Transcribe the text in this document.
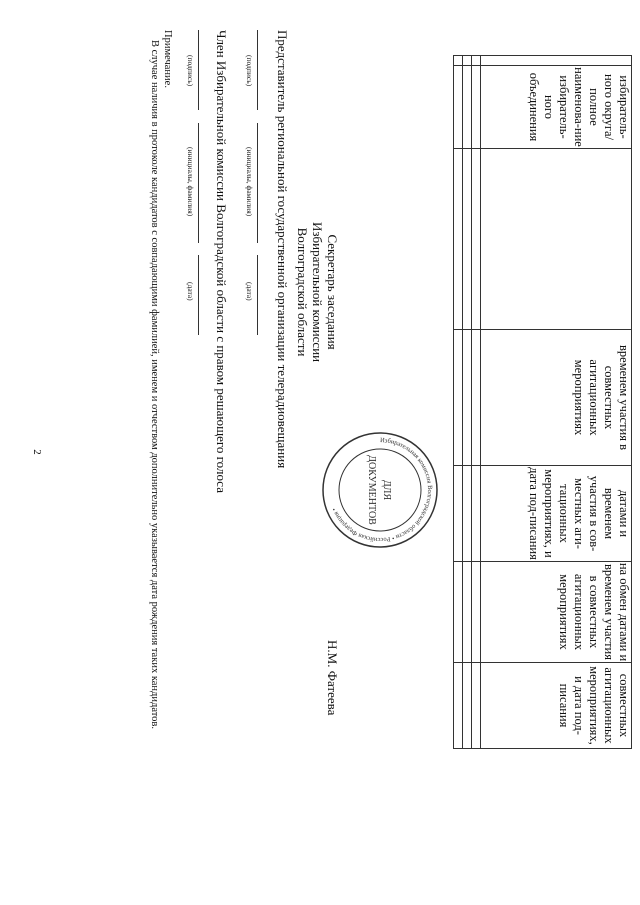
2
	избиратель-ного округа/ полное наименова-ние избиратель-ного объединения		временем участия в совместных агитационных мероприятиях	датами и временем участия в сов-местных аги-тационных мероприятиях, и дата под-писания	на обмен датами и временем участия в совместных агитационных мероприятиях	совместных агитационных мероприятиях, и дата под-писания

Представитель региональной государственной организации телерадиовещания
(подпись)
(инициалы, фамилия)
(дата)
Член Избирательной комиссии Волгоградской области с правом решающего голоса
(подпись)
(инициалы, фамилия)
(дата)
Примечание.
В случае наличия в протоколе кандидатов с совпадающими фамилией, именем и отчеством дополнительно указывается дата рождения таких кандидатов.	Секретарь заседания
Избирательной комиссии
Волгоградской области
Н.М. Фатеева
Избирательная комиссия Волгоградской области • Российская Федерация •
ДЛЯ
ДОКУМЕНТОВ
